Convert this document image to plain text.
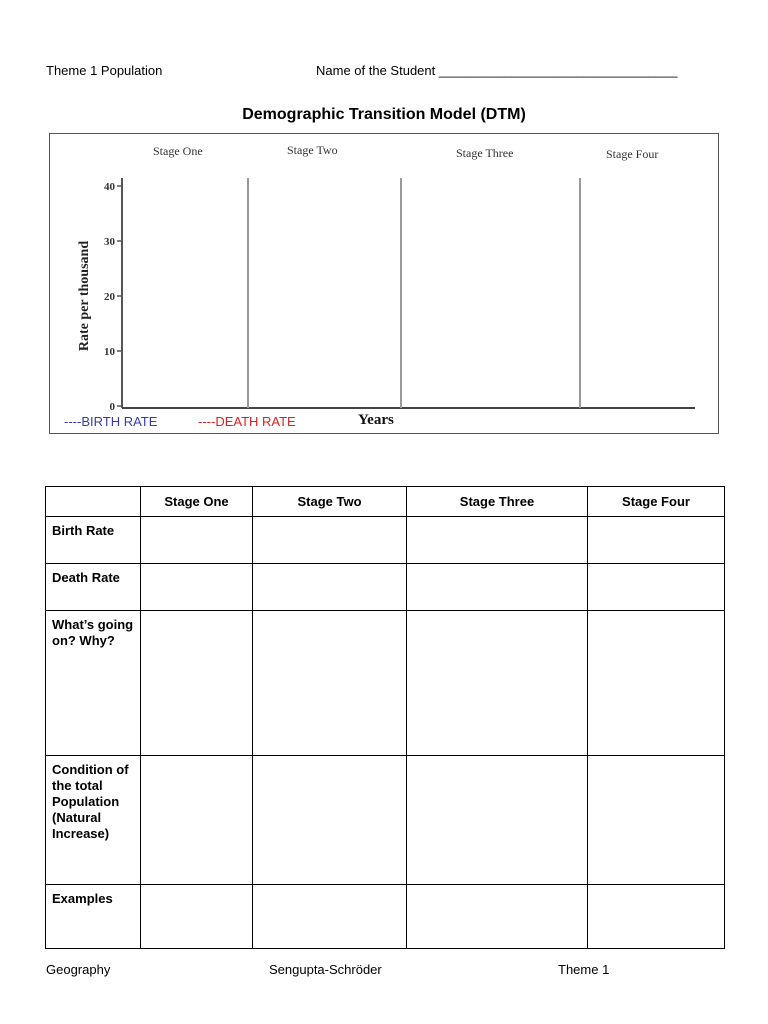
Theme 1 Population	Name of the Student _________________________________
Demographic Transition Model (DTM)
Stage One	Stage Two	Stage Three	Stage Four
0
10
20
30
40
Rate per thousand
----BIRTH RATE	----DEATH RATE	Years
	Stage One	Stage Two	Stage Three	Stage Four
Birth Rate				
Death Rate				
What’s going on? Why?				
Condition of the total Population (Natural Increase)				
Examples				
Geography	Sengupta-Schröder	Theme 1
